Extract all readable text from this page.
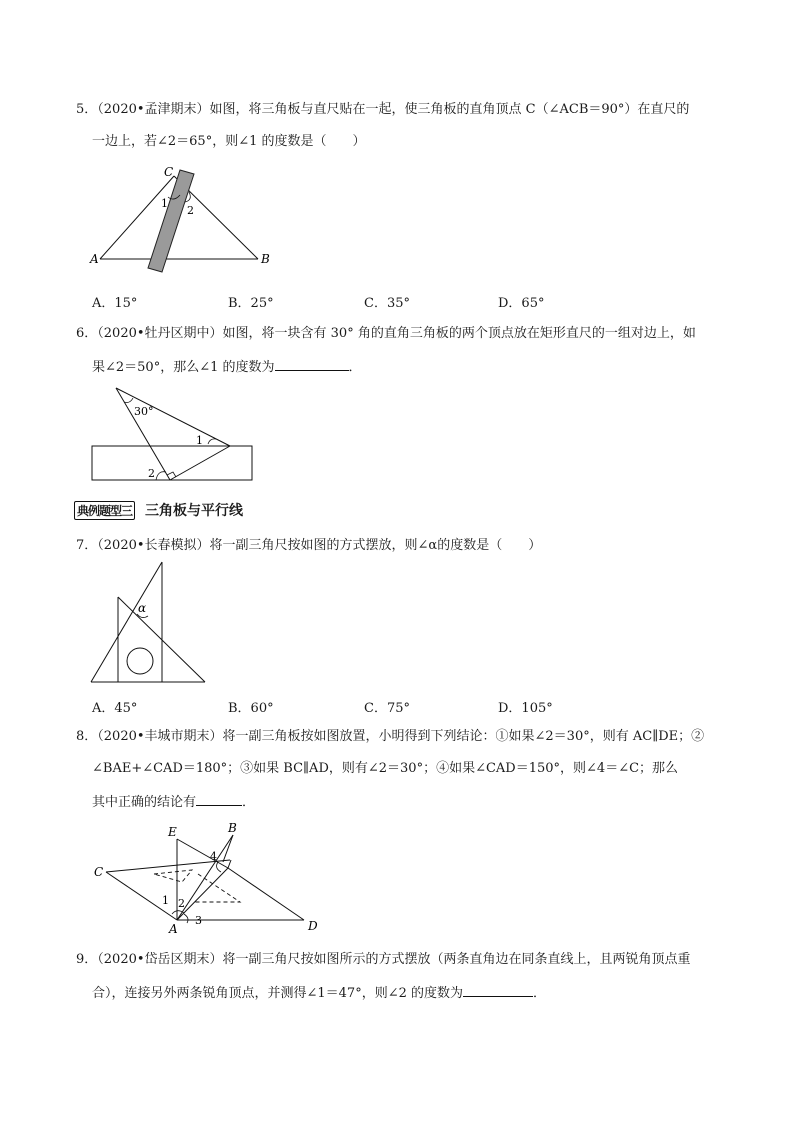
5．（2020•孟津期末）如图，将三角板与直尺贴在一起，使三角板的直角顶点 C（∠ACB＝90°）在直尺的
一边上，若∠2＝65°，则∠1 的度数是（　　）
C
A	B
1
2
A．15°	B．25°	C．35°	D．65°
6．（2020•牡丹区期中）如图，将一块含有 30° 角的直角三角板的两个顶点放在矩形直尺的一组对边上，如
果∠2＝50°，那么∠1 的度数为	．
30°
1
2
典例题型三 三角板与平行线
7．（2020•长春模拟）将一副三角尺按如图的方式摆放，则∠α的度数是（　　）
α
A．45°	B．60°	C．75°	D．105°
8．（2020•丰城市期末）将一副三角板按如图放置，小明得到下列结论：①如果∠2＝30°，则有 AC∥DE；②
∠BAE+∠CAD＝180°；③如果 BC∥AD，则有∠2＝30°；④如果∠CAD＝150°，则∠4＝∠C；那么
其中正确的结论有	．
E	B
C
A	D
1 2
3
4
9．（2020•岱岳区期末）将一副三角尺按如图所示的方式摆放（两条直角边在同条直线上，且两锐角顶点重
合），连接另外两条锐角顶点，并测得∠1＝47°，则∠2 的度数为	．
